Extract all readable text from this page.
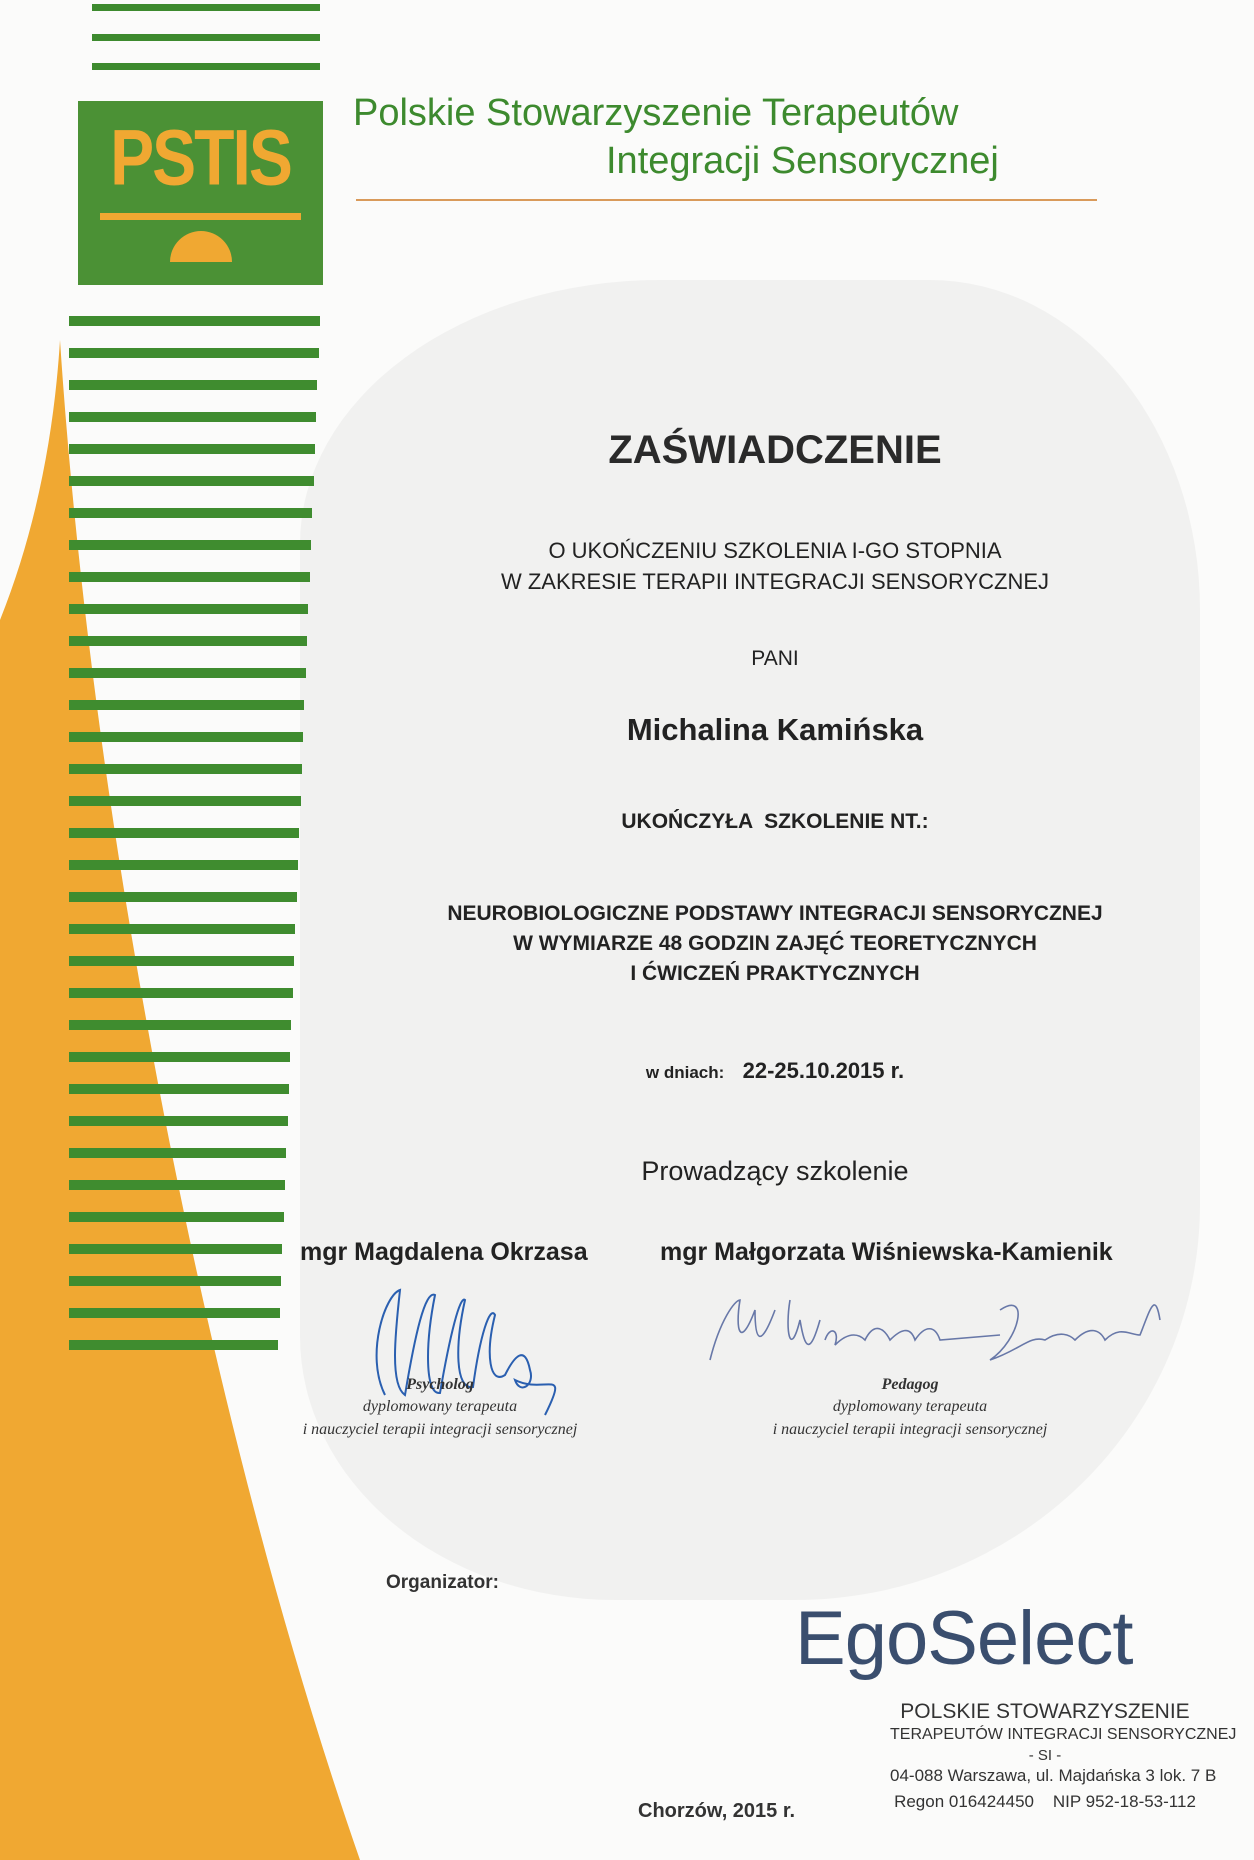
PSTIS	Polskie Stowarzyszenie Terapeutów
Integracji Sensorycznej
ZAŚWIADCZENIE
O UKOŃCZENIU SZKOLENIA I-GO STOPNIA
W ZAKRESIE TERAPII INTEGRACJI SENSORYCZNEJ
PANI
Michalina Kamińska
UKOŃCZYŁA  SZKOLENIE NT.:
NEUROBIOLOGICZNE PODSTAWY INTEGRACJI SENSORYCZNEJ
W WYMIARZE 48 GODZIN ZAJĘĆ TEORETYCZNYCH
I ĆWICZEŃ PRAKTYCZNYCH
w dniach: 22-25.10.2015 r.
Prowadzący szkolenie
mgr Magdalena Okrzasa	mgr Małgorzata Wiśniewska-Kamienik
Psycholog
dyplomowany terapeuta
i nauczyciel terapii integracji sensorycznej
Pedagog
dyplomowany terapeuta
i nauczyciel terapii integracji sensorycznej
Organizator:
EgoSelect
POLSKIE STOWARZYSZENIE
TERAPEUTÓW INTEGRACJI SENSORYCZNEJ
- SI -
04-088 Warszawa, ul. Majdańska 3 lok. 7 B
Regon 016424450    NIP 952-18-53-112
Chorzów, 2015 r.
